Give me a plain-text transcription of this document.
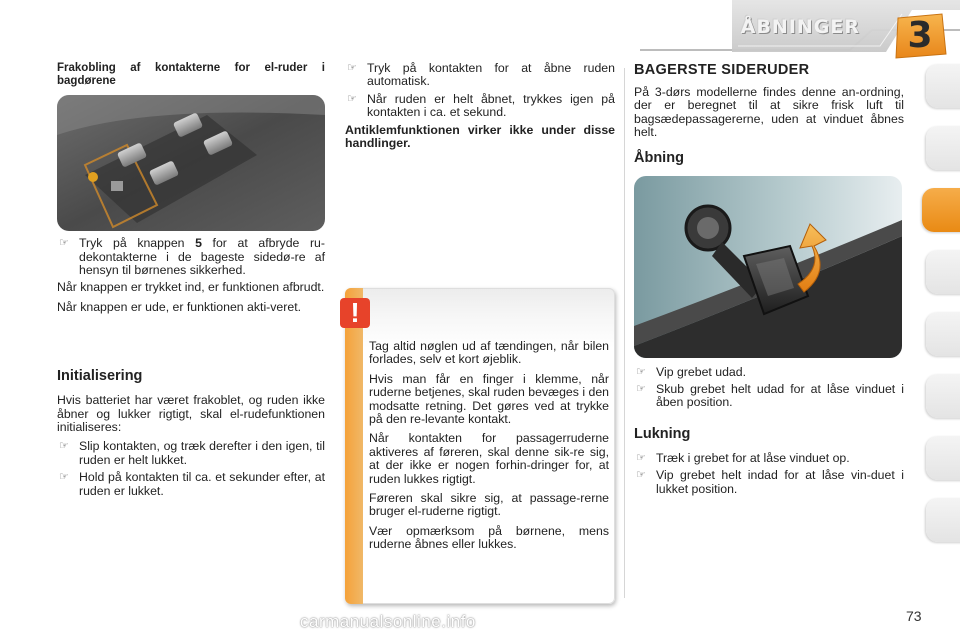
ÅBNINGER	3

Frakobling af kontakterne for el-ruder i bagdørene

☞ Tryk på knappen 5 for at afbryde ru-dekontakterne i de bageste sidedø-re af hensyn til børnenes sikkerhed.

Når knappen er trykket ind, er funktionen afbrudt.

Når knappen er ude, er funktionen akti-veret.

Initialisering

Hvis batteriet har været frakoblet, og ruden ikke åbner og lukker rigtigt, skal el-rudefunktionen initialiseres:

☞ Slip kontakten, og træk derefter i den igen, til ruden er helt lukket.
☞ Hold på kontakten til ca. et sekunder efter, at ruden er lukket.
☞ Tryk på kontakten for at åbne ruden automatisk.
☞ Når ruden er helt åbnet, trykkes igen på kontakten i ca. et sekund.

Antiklemfunktionen virker ikke under disse handlinger.

Tag altid nøglen ud af tændingen, når bilen forlades, selv et kort øjeblik.

Hvis man får en finger i klemme, når ruderne betjenes, skal ruden bevæges i den modsatte retning. Det gøres ved at trykke på den re-levante kontakt.

Når kontakten for passagerruderne aktiveres af føreren, skal denne sik-re sig, at der ikke er nogen forhin-dringer for, at ruden lukkes rigtigt.

Føreren skal sikre sig, at passage-rerne bruger el-ruderne rigtigt.

Vær opmærksom på børnene, mens ruderne åbnes eller lukkes.

!

BAGERSTE SIDERUDER

På 3-dørs modellerne findes denne an-ordning, der er beregnet til at sikre frisk luft til bagsædepassagererne, uden at vinduet åbnes helt.

Åbning

☞ Vip grebet udad.
☞ Skub grebet helt udad for at låse vinduet i åben position.

Lukning

☞ Træk i grebet for at låse vinduet op.
☞ Vip grebet helt indad for at låse vin-duet i lukket position.
73
carmanualsonline.info
